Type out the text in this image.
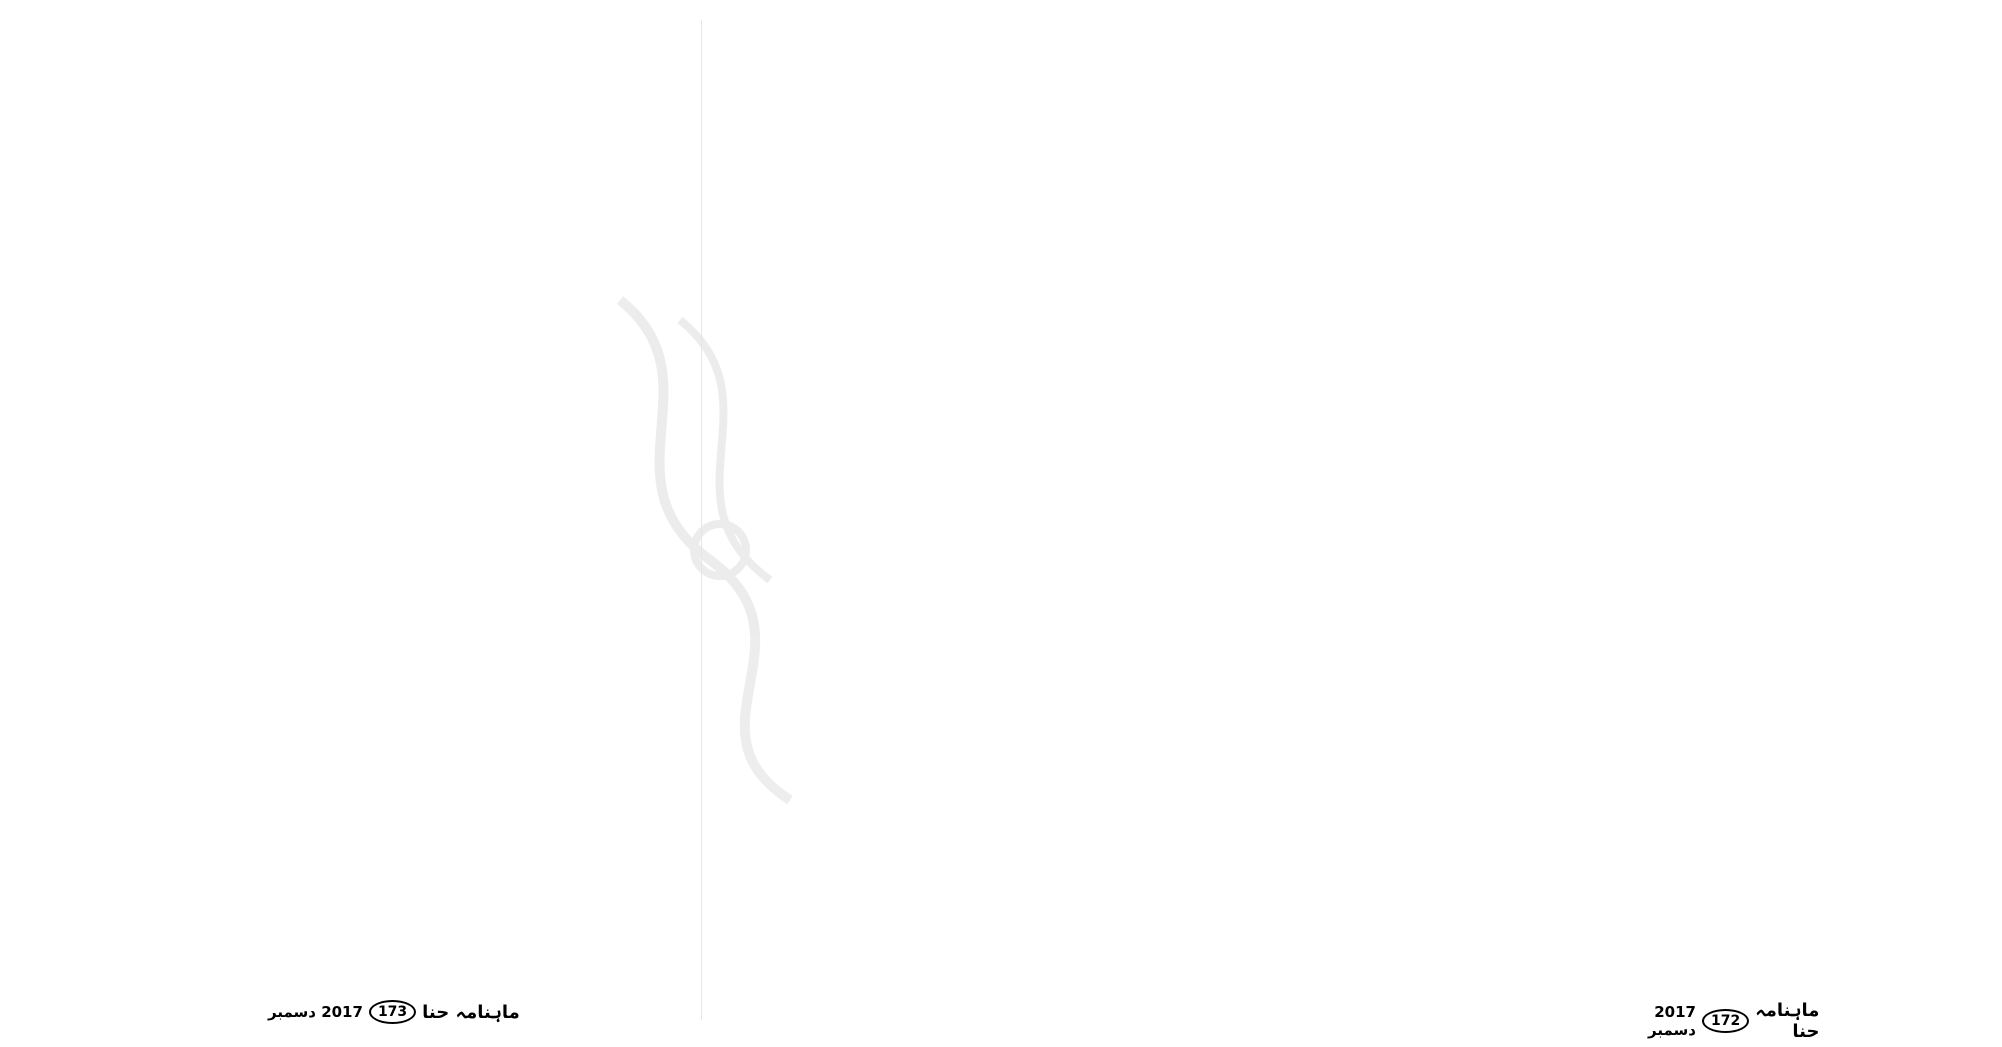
ماہنامہ حنا
173
2017 دسمبر	ماہنامہ حنا
172
2017 دسمبر
